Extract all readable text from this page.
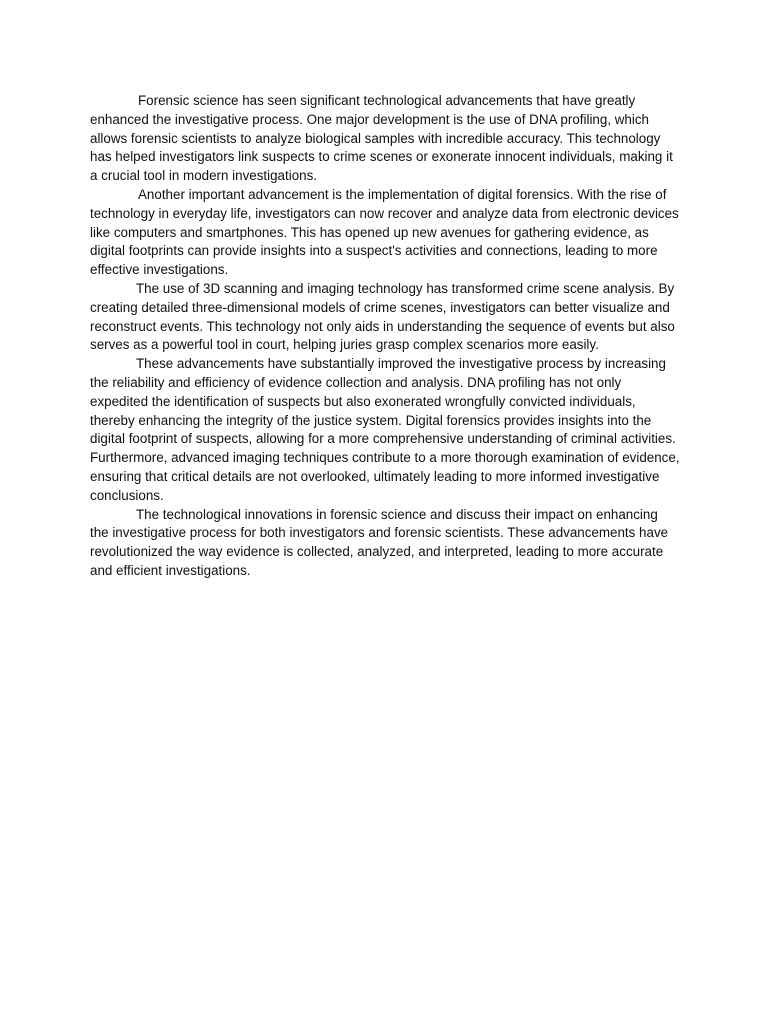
Forensic science has seen significant technological advancements that have greatly enhanced the investigative process. One major development is the use of DNA profiling, which allows forensic scientists to analyze biological samples with incredible accuracy. This technology has helped investigators link suspects to crime scenes or exonerate innocent individuals, making it a crucial tool in modern investigations.

Another important advancement is the implementation of digital forensics. With the rise of technology in everyday life, investigators can now recover and analyze data from electronic devices like computers and smartphones. This has opened up new avenues for gathering evidence, as digital footprints can provide insights into a suspect's activities and connections, leading to more effective investigations.

The use of 3D scanning and imaging technology has transformed crime scene analysis. By creating detailed three-dimensional models of crime scenes, investigators can better visualize and reconstruct events. This technology not only aids in understanding the sequence of events but also serves as a powerful tool in court, helping juries grasp complex scenarios more easily.

These advancements have substantially improved the investigative process by increasing the reliability and efficiency of evidence collection and analysis. DNA profiling has not only expedited the identification of suspects but also exonerated wrongfully convicted individuals, thereby enhancing the integrity of the justice system. Digital forensics provides insights into the digital footprint of suspects, allowing for a more comprehensive understanding of criminal activities. Furthermore, advanced imaging techniques contribute to a more thorough examination of evidence, ensuring that critical details are not overlooked, ultimately leading to more informed investigative conclusions.

The technological innovations in forensic science and discuss their impact on enhancing the investigative process for both investigators and forensic scientists. These advancements have revolutionized the way evidence is collected, analyzed, and interpreted, leading to more accurate and efficient investigations.
